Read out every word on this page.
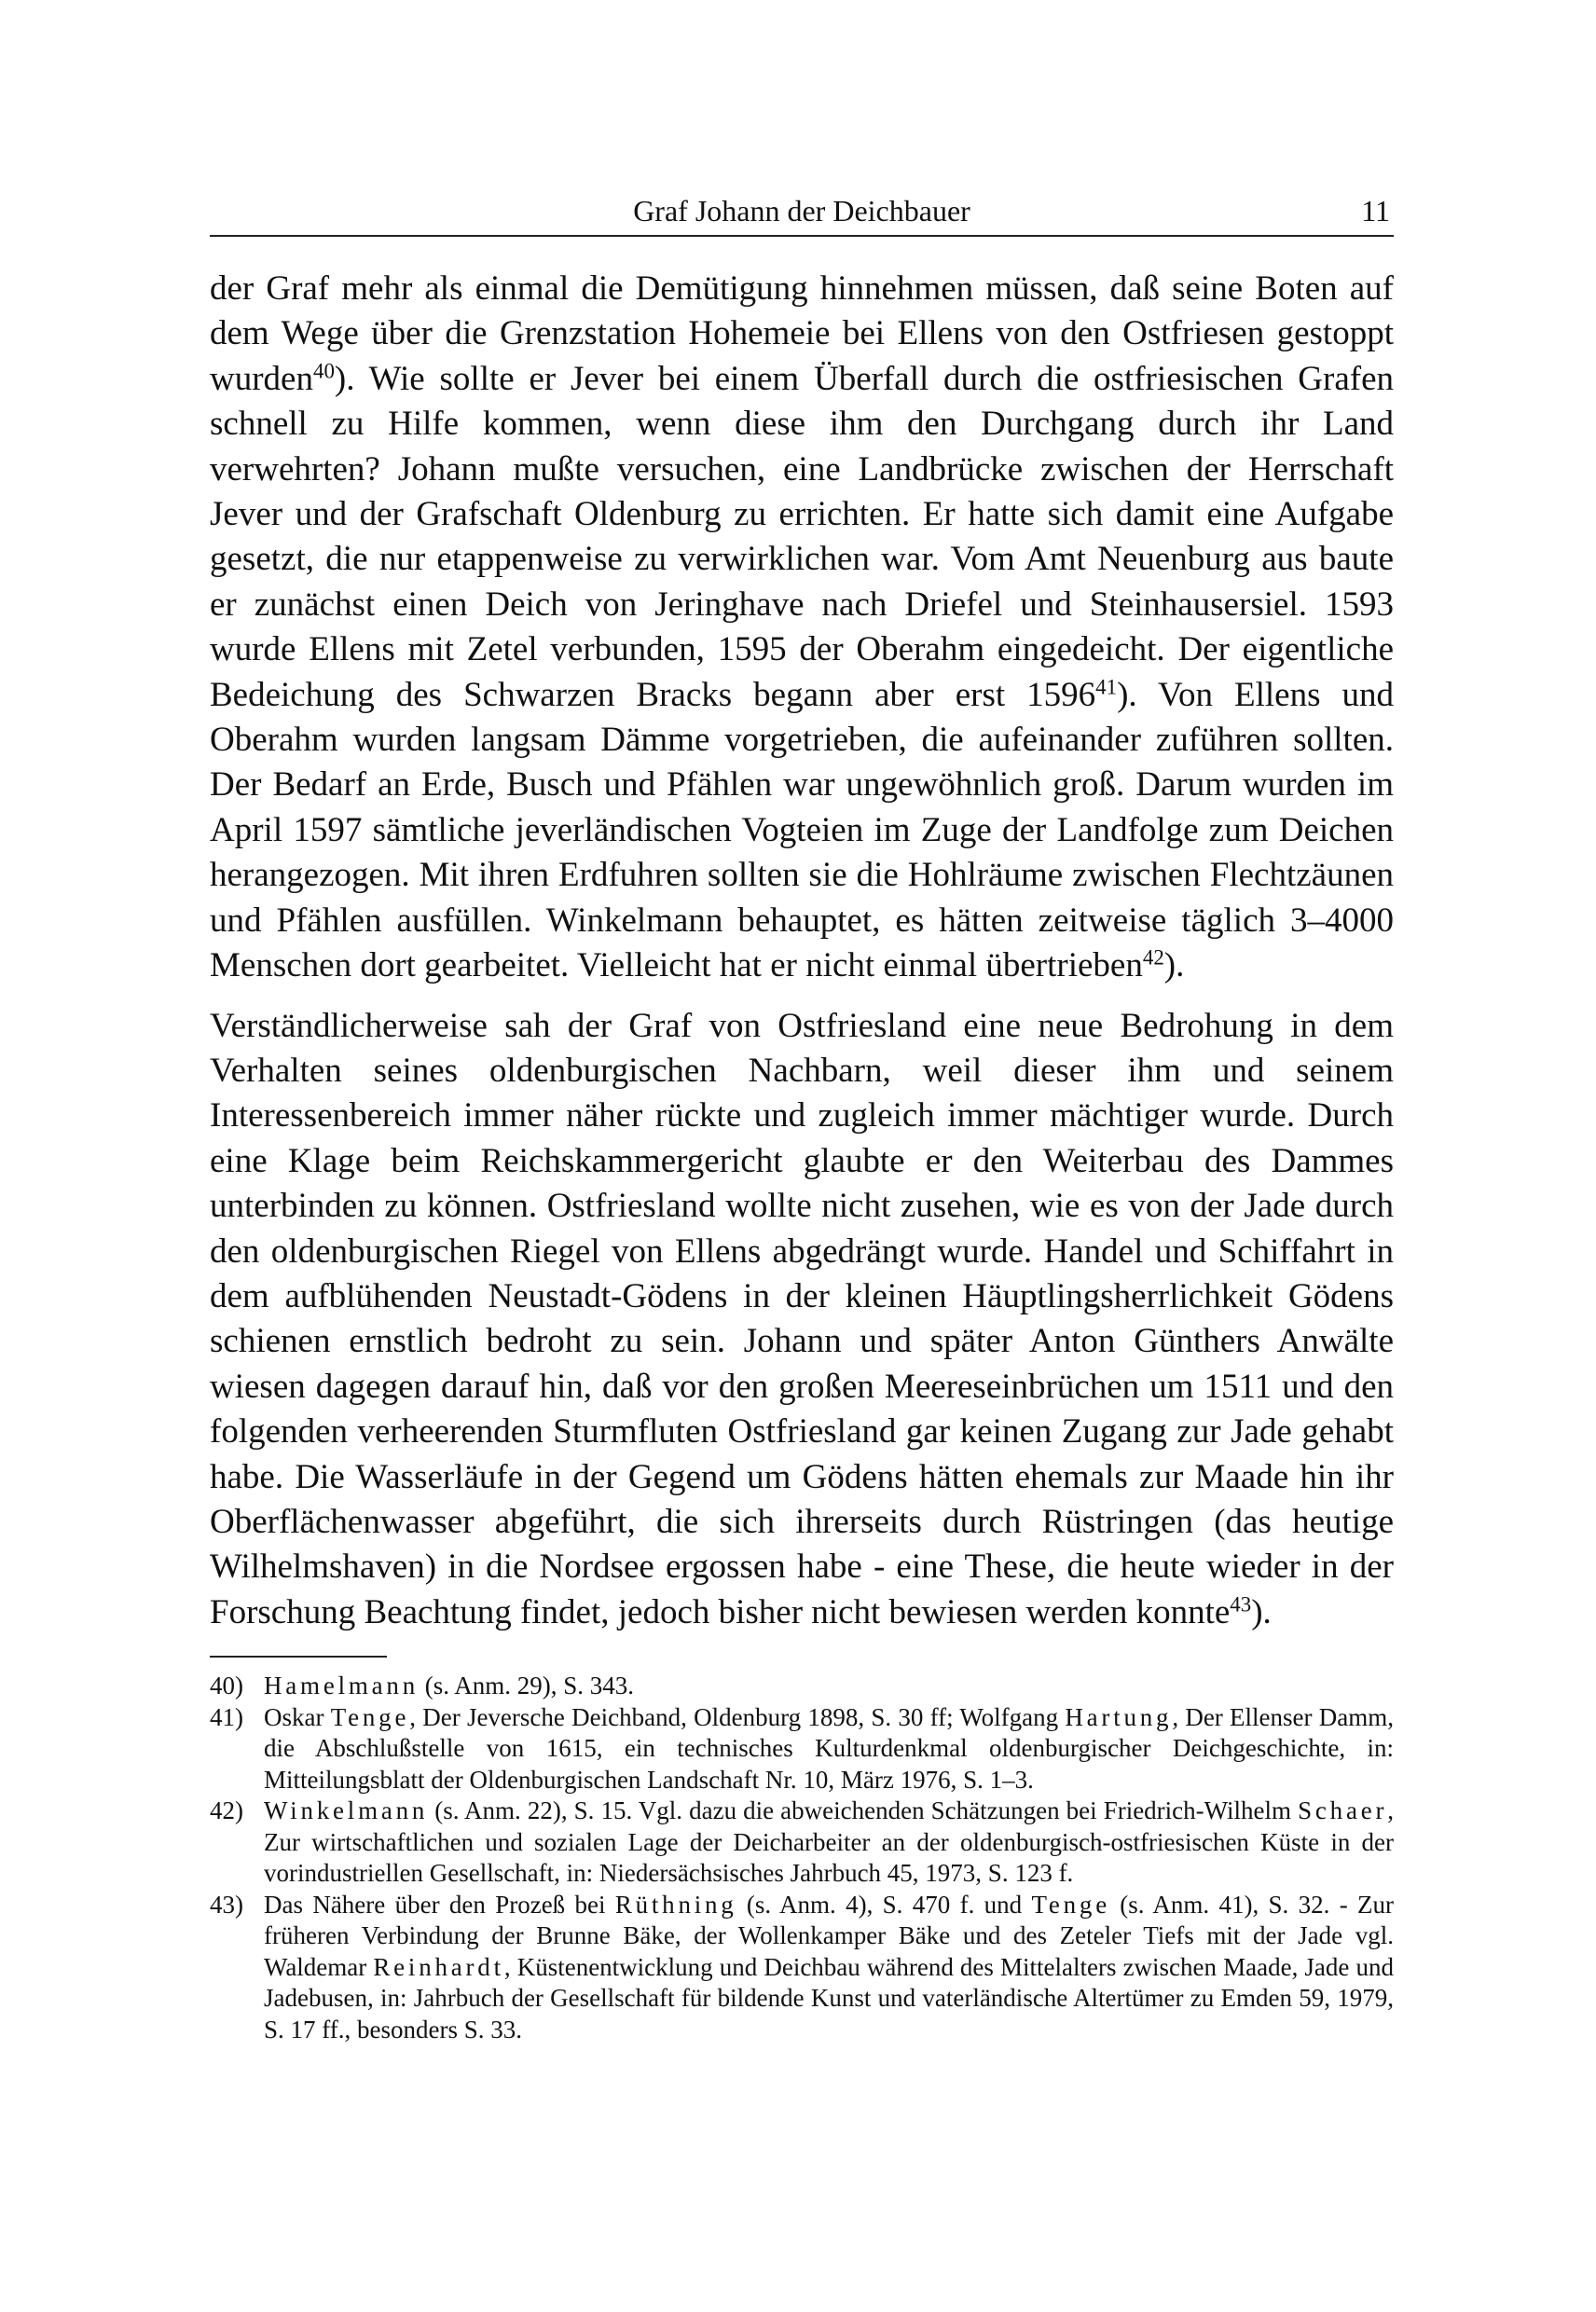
Graf Johann der Deichbauer	11

der Graf mehr als einmal die Demütigung hinnehmen müssen, daß seine Boten auf dem Wege über die Grenzstation Hohemeie bei Ellens von den Ostfriesen gestoppt wurden$^{40}$). Wie sollte er Jever bei einem Überfall durch die ostfriesischen Grafen schnell zu Hilfe kommen, wenn diese ihm den Durchgang durch ihr Land verwehrten? Johann mußte versuchen, eine Landbrücke zwischen der Herrschaft Jever und der Grafschaft Oldenburg zu errichten. Er hatte sich damit eine Aufgabe gesetzt, die nur etappenweise zu verwirklichen war. Vom Amt Neuenburg aus baute er zunächst einen Deich von Jeringhave nach Driefel und Steinhausersiel. 1593 wurde Ellens mit Zetel verbunden, 1595 der Oberahm eingedeicht. Der eigentliche Bedeichung des Schwarzen Bracks begann aber erst 1596$^{41}$). Von Ellens und Oberahm wurden langsam Dämme vorgetrieben, die aufeinander zuführen sollten. Der Bedarf an Erde, Busch und Pfählen war ungewöhnlich groß. Darum wurden im April 1597 sämtliche jeverländischen Vogteien im Zuge der Landfolge zum Deichen herangezogen. Mit ihren Erdfuhren sollten sie die Hohlräume zwischen Flechtzäunen und Pfählen ausfüllen. Winkelmann behauptet, es hätten zeitweise täglich 3–4000 Menschen dort gearbeitet. Vielleicht hat er nicht einmal übertrieben$^{42}$).

Verständlicherweise sah der Graf von Ostfriesland eine neue Bedrohung in dem Verhalten seines oldenburgischen Nachbarn, weil dieser ihm und seinem Interessenbereich immer näher rückte und zugleich immer mächtiger wurde. Durch eine Klage beim Reichskammergericht glaubte er den Weiterbau des Dammes unterbinden zu können. Ostfriesland wollte nicht zusehen, wie es von der Jade durch den oldenburgischen Riegel von Ellens abgedrängt wurde. Handel und Schiffahrt in dem aufblühenden Neustadt-Gödens in der kleinen Häuptlingsherrlichkeit Gödens schienen ernstlich bedroht zu sein. Johann und später Anton Günthers Anwälte wiesen dagegen darauf hin, daß vor den großen Meereseinbrüchen um 1511 und den folgenden verheerenden Sturmfluten Ostfriesland gar keinen Zugang zur Jade gehabt habe. Die Wasserläufe in der Gegend um Gödens hätten ehemals zur Maade hin ihr Oberflächenwasser abgeführt, die sich ihrerseits durch Rüstringen (das heutige Wilhelmshaven) in die Nordsee ergossen habe - eine These, die heute wieder in der Forschung Beachtung findet, jedoch bisher nicht bewiesen werden konnte$^{43}$).

40) Hamelmann (s. Anm. 29), S. 343.
41) Oskar Tenge, Der Jeversche Deichband, Oldenburg 1898, S. 30 ff; Wolfgang Hartung, Der Ellenser Damm, die Abschlußstelle von 1615, ein technisches Kulturdenkmal oldenburgischer Deichgeschichte, in: Mitteilungsblatt der Oldenburgischen Landschaft Nr. 10, März 1976, S. 1–3.
42) Winkelmann (s. Anm. 22), S. 15. Vgl. dazu die abweichenden Schätzungen bei Friedrich-Wilhelm Schaer, Zur wirtschaftlichen und sozialen Lage der Deicharbeiter an der oldenburgisch-ostfriesischen Küste in der vorindustriellen Gesellschaft, in: Niedersächsisches Jahrbuch 45, 1973, S. 123 f.
43) Das Nähere über den Prozeß bei Rüthning (s. Anm. 4), S. 470 f. und Tenge (s. Anm. 41), S. 32. - Zur früheren Verbindung der Brunne Bäke, der Wollenkamper Bäke und des Zeteler Tiefs mit der Jade vgl. Waldemar Reinhardt, Küstenentwicklung und Deichbau während des Mittelalters zwischen Maade, Jade und Jadebusen, in: Jahrbuch der Gesellschaft für bildende Kunst und vaterländische Altertümer zu Emden 59, 1979, S. 17 ff., besonders S. 33.
